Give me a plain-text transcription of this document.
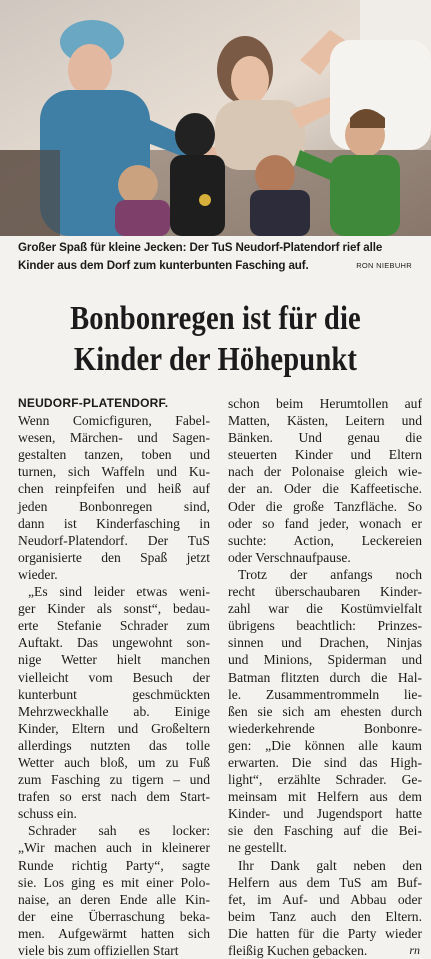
Großer Spaß für kleine Jecken: Der TuS Neudorf-Platendorf rief alle
Kinder aus dem Dorf zum kunterbunten Fasching auf.	RON NIEBUHR
Bonbonregen ist für die
Kinder der Höhepunkt
NEUDORF-PLATENDORF.
Wenn Comicfiguren, Fabel-
wesen, Märchen- und Sagen-
gestalten tanzen, toben und
turnen, sich Waffeln und Ku-
chen reinpfeifen und heiß auf
jeden Bonbonregen sind,
dann ist Kinderfasching in
Neudorf-Platendorf. Der TuS
organisierte den Spaß jetzt
wieder.
„Es sind leider etwas weni-
ger Kinder als sonst“, bedau-
erte Stefanie Schrader zum
Auftakt. Das ungewohnt son-
nige Wetter hielt manchen
vielleicht vom Besuch der
kunterbunt geschmückten
Mehrzweckhalle ab. Einige
Kinder, Eltern und Großeltern
allerdings nutzten das tolle
Wetter auch bloß, um zu Fuß
zum Fasching zu tigern – und
trafen so erst nach dem Start-
schuss ein.
Schrader sah es locker:
„Wir machen auch in kleinerer
Runde richtig Party“, sagte
sie. Los ging es mit einer Polo-
naise, an deren Ende alle Kin-
der eine Überraschung beka-
men. Aufgewärmt hatten sich
viele bis zum offiziellen Start
schon beim Herumtollen auf
Matten, Kästen, Leitern und
Bänken. Und genau die
steuerten Kinder und Eltern
nach der Polonaise gleich wie-
der an. Oder die Kaffeetische.
Oder die große Tanzfläche. So
oder so fand jeder, wonach er
suchte: Action, Leckereien
oder Verschnaufpause.
Trotz der anfangs noch
recht überschaubaren Kinder-
zahl war die Kostümvielfalt
übrigens beachtlich: Prinzes-
sinnen und Drachen, Ninjas
und Minions, Spiderman und
Batman flitzten durch die Hal-
le. Zusammentrommeln lie-
ßen sie sich am ehesten durch
wiederkehrende Bonbonre-
gen: „Die können alle kaum
erwarten. Die sind das High-
light“, erzählte Schrader. Ge-
meinsam mit Helfern aus dem
Kinder- und Jugendsport hatte
sie den Fasching auf die Bei-
ne gestellt.
Ihr Dank galt neben den
Helfern aus dem TuS am Buf-
fet, im Auf- und Abbau oder
beim Tanz auch den Eltern.
Die hatten für die Party wieder
fleißig Kuchen gebacken.	rn
